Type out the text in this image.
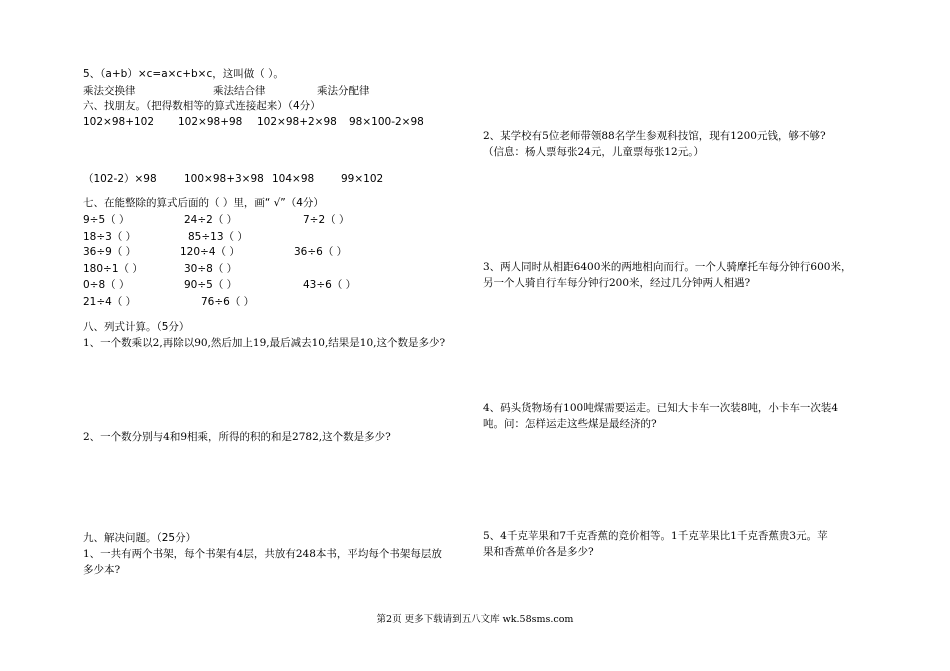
5、（a+b）×c=a×c+b×c，这叫做（ ）。
乘法交换律	乘法结合律	乘法分配律
六、找朋友。（把得数相等的算式连接起来）（4分）
102×98+102 102×98+98 102×98+2×98 98×100-2×98
（102-2）×98	100×98+3×98 104×98	99×102
七、在能整除的算式后面的（ ）里，画“ √”（4分）
9÷5（ ）	24÷2（ ）	7÷2（ ）
18÷3（ ）	85÷13（ ）
36÷9（ ）	120÷4（ ）	36÷6（ ）
180÷1（ ）	30÷8（ ）
0÷8（ ）	90÷5（ ）	43÷6（ ）
21÷4（ ）	76÷6（ ）
八、列式计算。（5分）
1、一个数乘以2,再除以90,然后加上19,最后减去10,结果是10,这个数是多少?
2、一个数分别与4和9相乘，所得的积的和是2782,这个数是多少?
九、解决问题。（25分）
1、一共有两个书架，每个书架有4层，共放有248本书，平均每个书架每层放
多少本?
2、某学校有5位老师带领88名学生参观科技馆，现有1200元钱，够不够?
（信息：杨人票每张24元，儿童票每张12元。）
3、两人同时从相距6400米的两地相向而行。一个人骑摩托车每分钟行600米，
另一个人骑自行车每分钟行200米，经过几分钟两人相遇?
4、码头货物场有100吨煤需要运走。已知大卡车一次装8吨，小卡车一次装4
吨。问：怎样运走这些煤是最经济的?
5、4千克苹果和7千克香蕉的竞价相等。1千克苹果比1千克香蕉贵3元。苹
果和香蕉单价各是多少?
第2页 更多下载请到五八文库 wk.58sms.com
